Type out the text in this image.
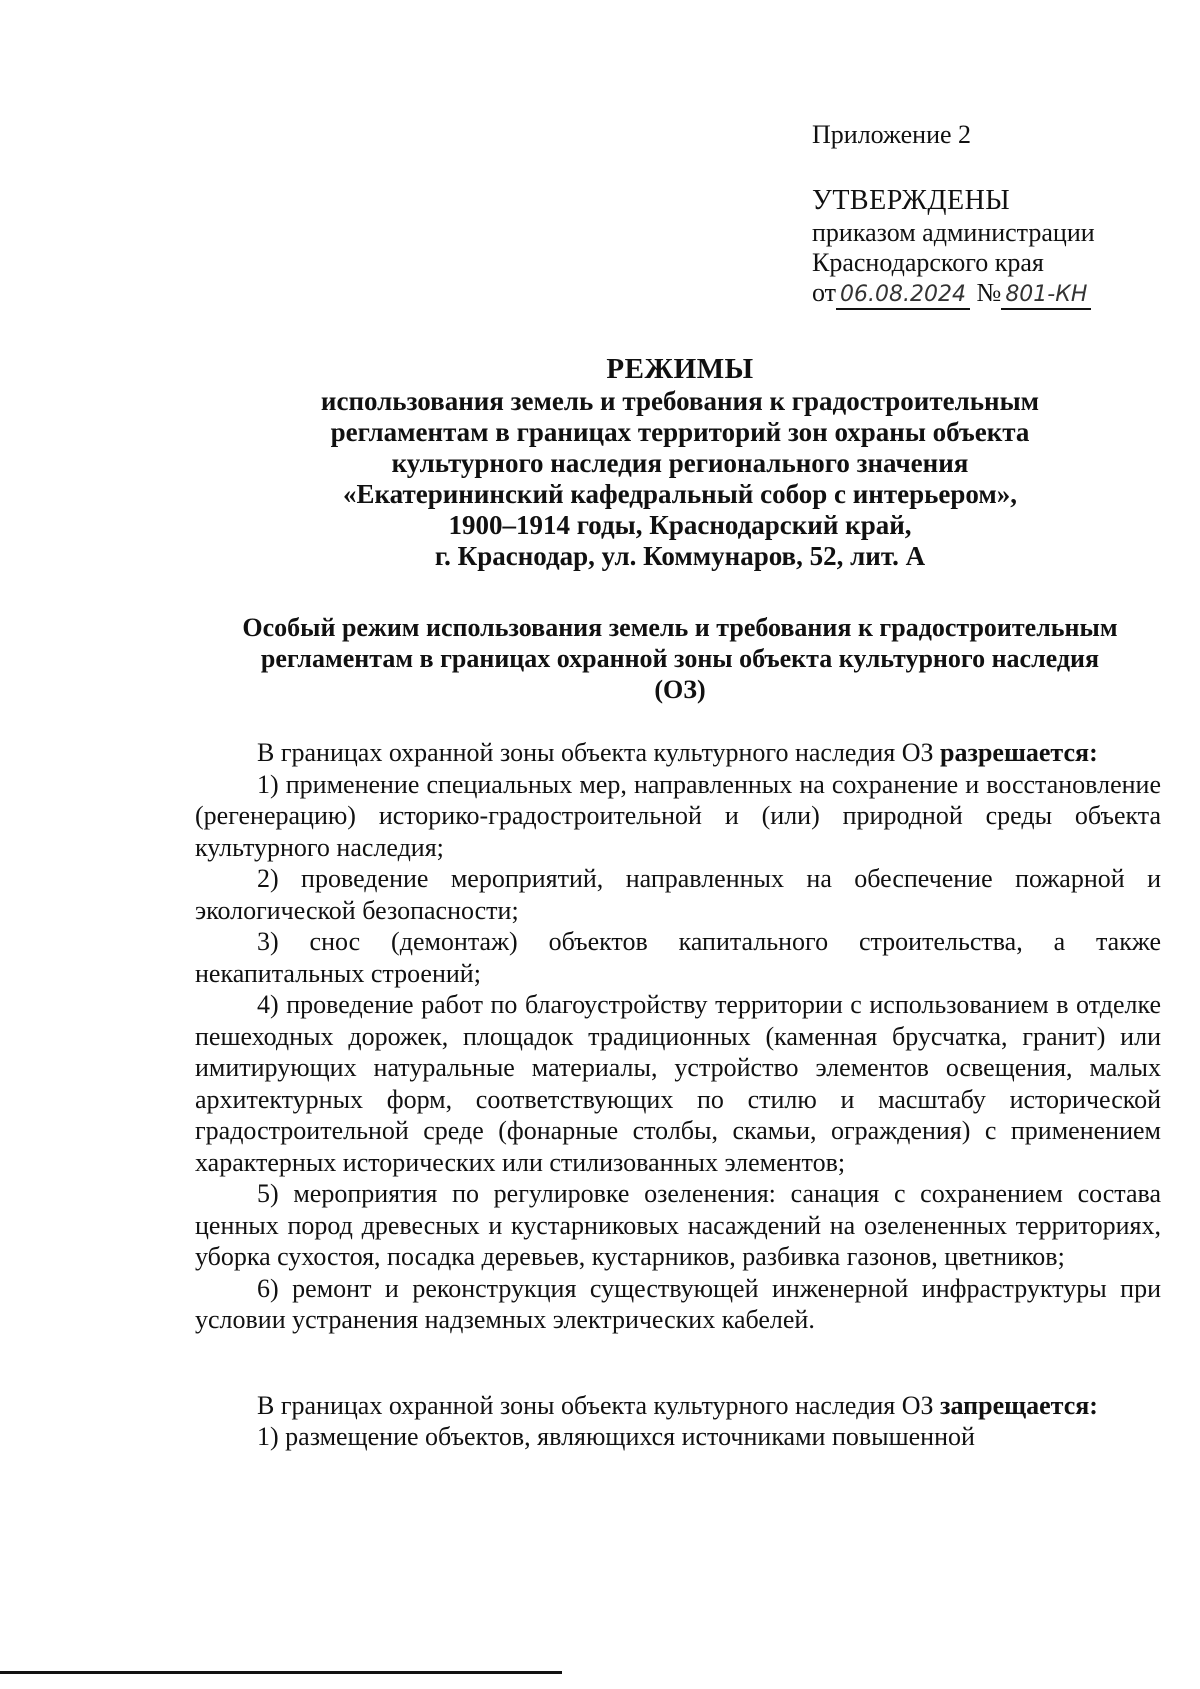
Приложение 2
УТВЕРЖДЕНЫ
приказом администрации
Краснодарского края
от 06.08.2024 № 801-КН
РЕЖИМЫ
использования земель и требования к градостроительным
регламентам в границах территорий зон охраны объекта
культурного наследия регионального значения
«Екатерининский кафедральный собор с интерьером»,
1900–1914 годы, Краснодарский край,
г. Краснодар, ул. Коммунаров, 52, лит. А
Особый режим использования земель и требования к градостроительным
регламентам в границах охранной зоны объекта культурного наследия
(ОЗ)

В границах охранной зоны объекта культурного наследия ОЗ разрешается:

1) применение специальных мер, направленных на сохранение и восстановление (регенерацию) историко-градостроительной и (или) природной среды объекта культурного наследия;

2) проведение мероприятий, направленных на обеспечение пожарной и экологической безопасности;

3) снос (демонтаж) объектов капитального строительства, а также некапитальных строений;

4) проведение работ по благоустройству территории с использованием в отделке пешеходных дорожек, площадок традиционных (каменная брусчатка, гранит) или имитирующих натуральные материалы, устройство элементов освещения, малых архитектурных форм, соответствующих по стилю и масштабу исторической градостроительной среде (фонарные столбы, скамьи, ограждения) с применением характерных исторических или стилизованных элементов;

5) мероприятия по регулировке озеленения: санация с сохранением состава ценных пород древесных и кустарниковых насаждений на озелененных территориях, уборка сухостоя, посадка деревьев, кустарников, разбивка газонов, цветников;

6) ремонт и реконструкция существующей инженерной инфраструктуры при условии устранения надземных электрических кабелей.

В границах охранной зоны объекта культурного наследия ОЗ запрещается:

1) размещение объектов, являющихся источниками повышенной
